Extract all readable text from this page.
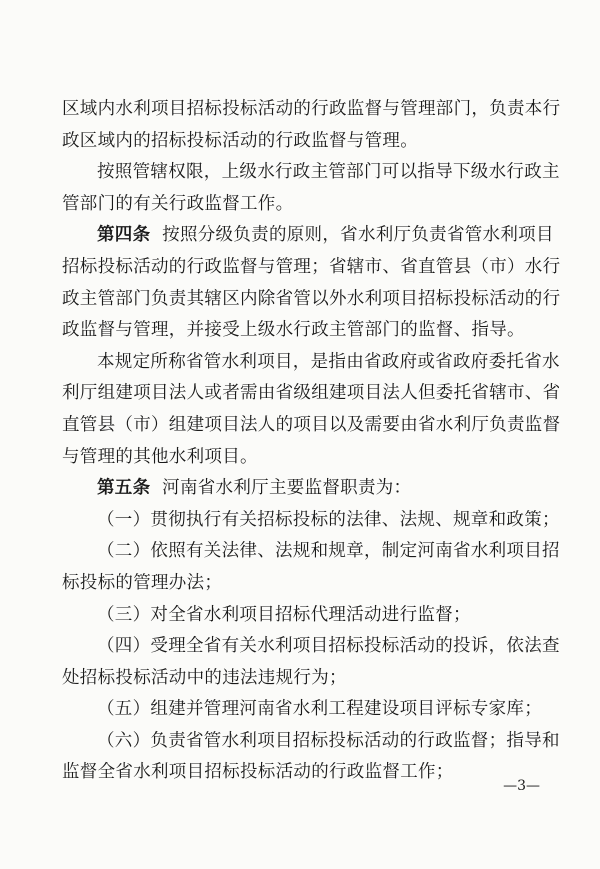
区域内水利项目招标投标活动的行政监督与管理部门，负责本行
政区域内的招标投标活动的行政监督与管理。
按照管辖权限，上级水行政主管部门可以指导下级水行政主
管部门的有关行政监督工作。
第四条 按照分级负责的原则，省水利厅负责省管水利项目
招标投标活动的行政监督与管理；省辖市、省直管县（市）水行
政主管部门负责其辖区内除省管以外水利项目招标投标活动的行
政监督与管理，并接受上级水行政主管部门的监督、指导。
本规定所称省管水利项目，是指由省政府或省政府委托省水
利厅组建项目法人或者需由省级组建项目法人但委托省辖市、省
直管县（市）组建项目法人的项目以及需要由省水利厅负责监督
与管理的其他水利项目。
第五条 河南省水利厅主要监督职责为：
（一）贯彻执行有关招标投标的法律、法规、规章和政策；
（二）依照有关法律、法规和规章，制定河南省水利项目招
标投标的管理办法；
（三）对全省水利项目招标代理活动进行监督；
（四）受理全省有关水利项目招标投标活动的投诉，依法查
处招标投标活动中的违法违规行为；
（五）组建并管理河南省水利工程建设项目评标专家库；
（六）负责省管水利项目招标投标活动的行政监督；指导和
监督全省水利项目招标投标活动的行政监督工作；
—3—
